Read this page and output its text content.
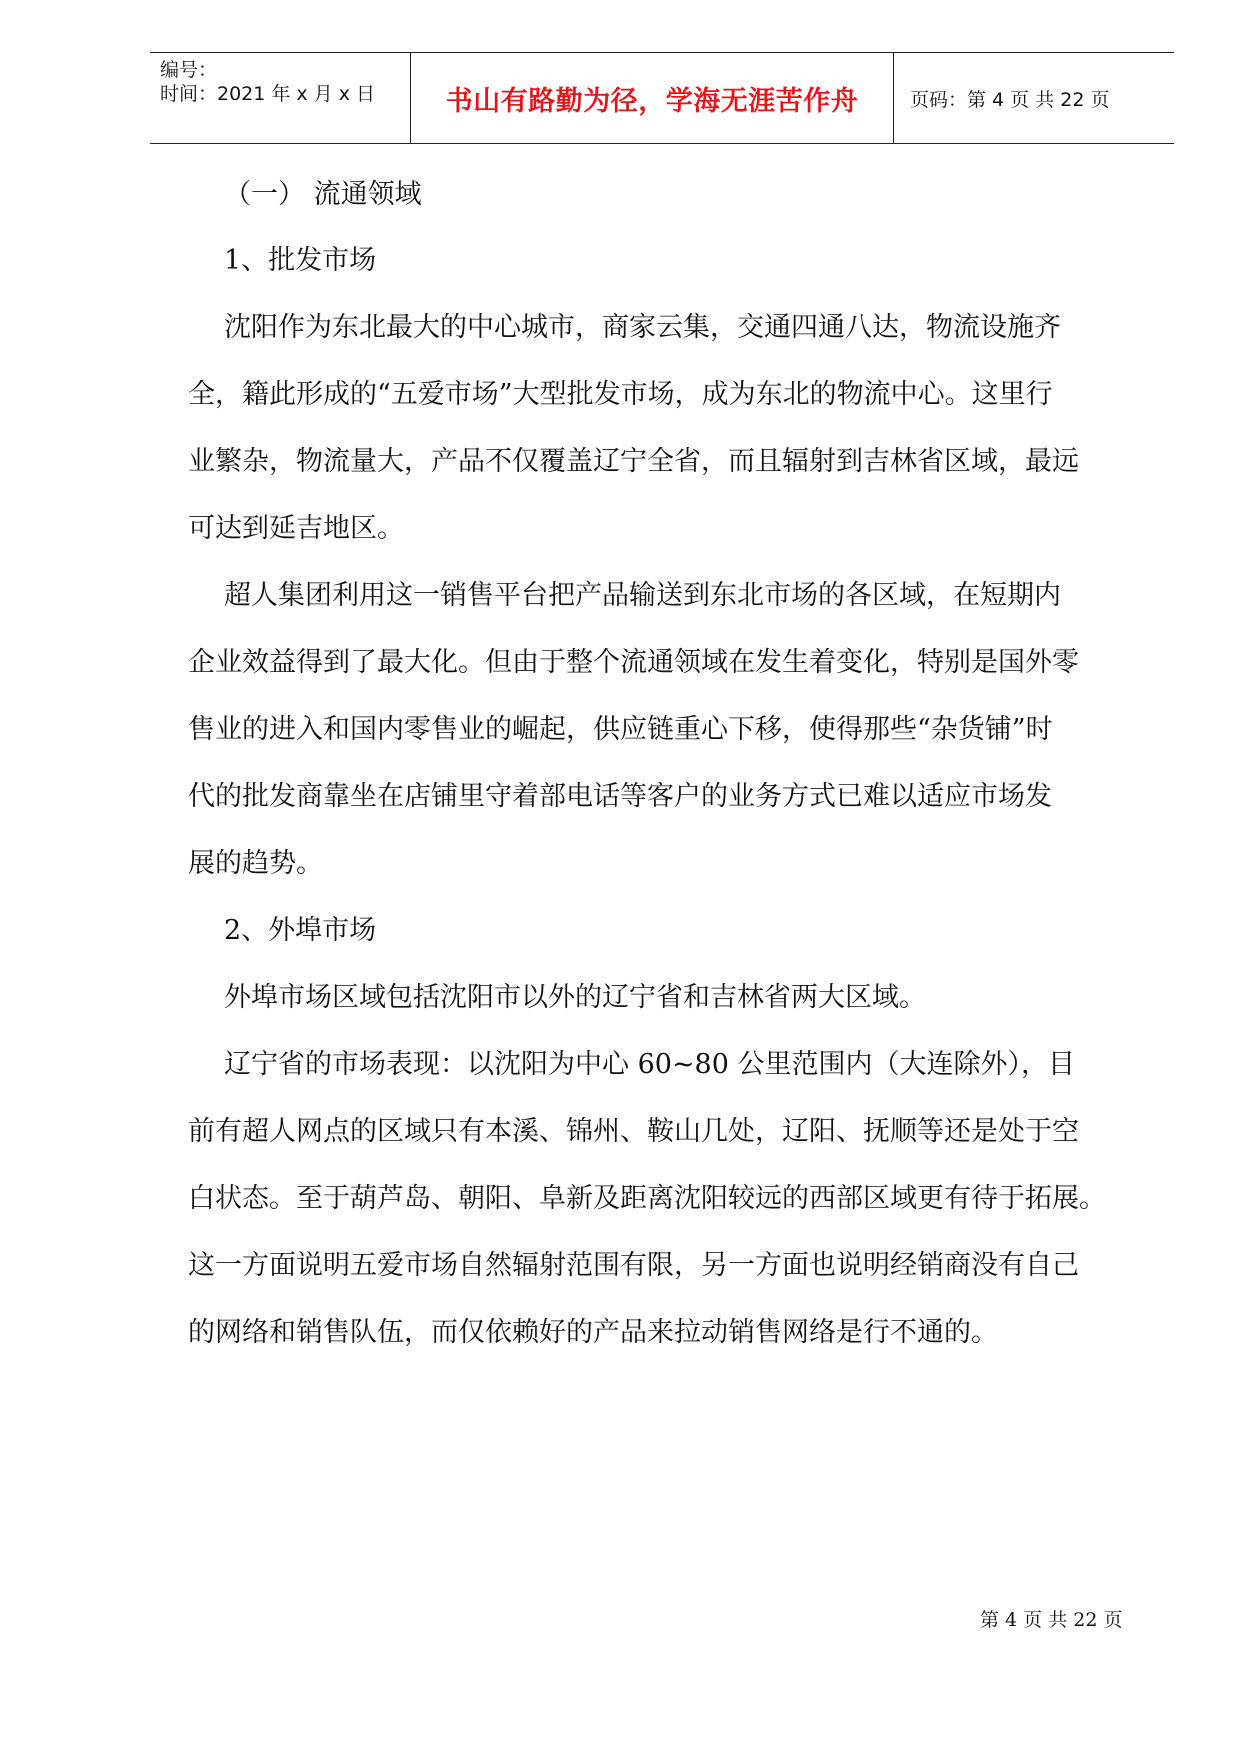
编号：
时间：2021 年 x 月 x 日	书山有路勤为径，学海无涯苦作舟	页码：第 4 页 共 22 页
（一） 流通领域
1、批发市场
沈阳作为东北最大的中心城市，商家云集，交通四通八达，物流设施齐
全，籍此形成的“五爱市场”大型批发市场，成为东北的物流中心。这里行
业繁杂，物流量大，产品不仅覆盖辽宁全省，而且辐射到吉林省区域，最远
可达到延吉地区。
超人集团利用这一销售平台把产品输送到东北市场的各区域，在短期内
企业效益得到了最大化。但由于整个流通领域在发生着变化，特别是国外零
售业的进入和国内零售业的崛起，供应链重心下移，使得那些“杂货铺”时
代的批发商靠坐在店铺里守着部电话等客户的业务方式已难以适应市场发
展的趋势。
2、外埠市场
外埠市场区域包括沈阳市以外的辽宁省和吉林省两大区域。
辽宁省的市场表现：以沈阳为中心 60~80 公里范围内（大连除外），目
前有超人网点的区域只有本溪、锦州、鞍山几处，辽阳、抚顺等还是处于空
白状态。至于葫芦岛、朝阳、阜新及距离沈阳较远的西部区域更有待于拓展。
这一方面说明五爱市场自然辐射范围有限，另一方面也说明经销商没有自己
的网络和销售队伍，而仅依赖好的产品来拉动销售网络是行不通的。
第 4 页 共 22 页
